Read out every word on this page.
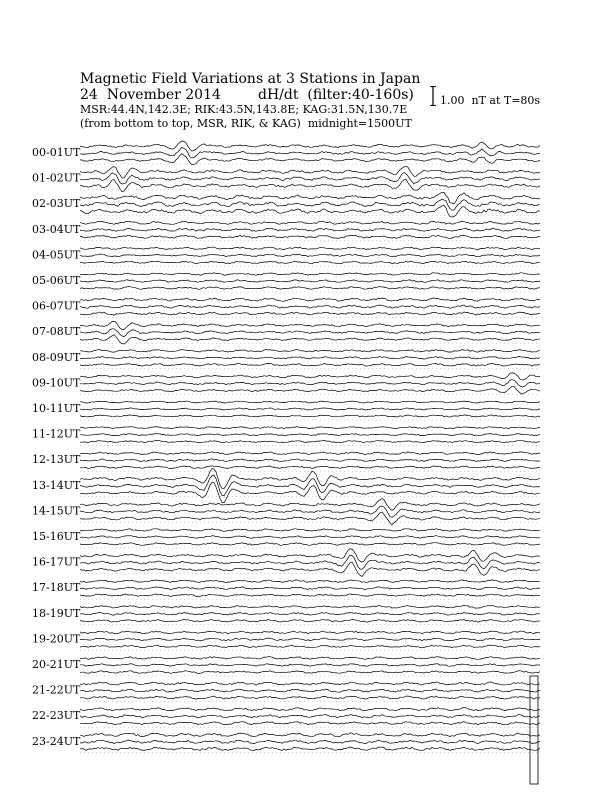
Magnetic Field Variations at 3 Stations in Japan
24  November 2014	dH/dt  (filter:40-160s)
MSR:44.4N,142.3E; RIK:43.5N,143.8E; KAG:31.5N,130.7E
(from bottom to top, MSR, RIK, & KAG)  midnight=1500UT
1.00  nT at T=80s
00-01UT
01-02UT
02-03UT
03-04UT
04-05UT
05-06UT
06-07UT
07-08UT
08-09UT
09-10UT
10-11UT
11-12UT
12-13UT
13-14UT
14-15UT
15-16UT
16-17UT
17-18UT
18-19UT
19-20UT
20-21UT
21-22UT
22-23UT
23-24UT
